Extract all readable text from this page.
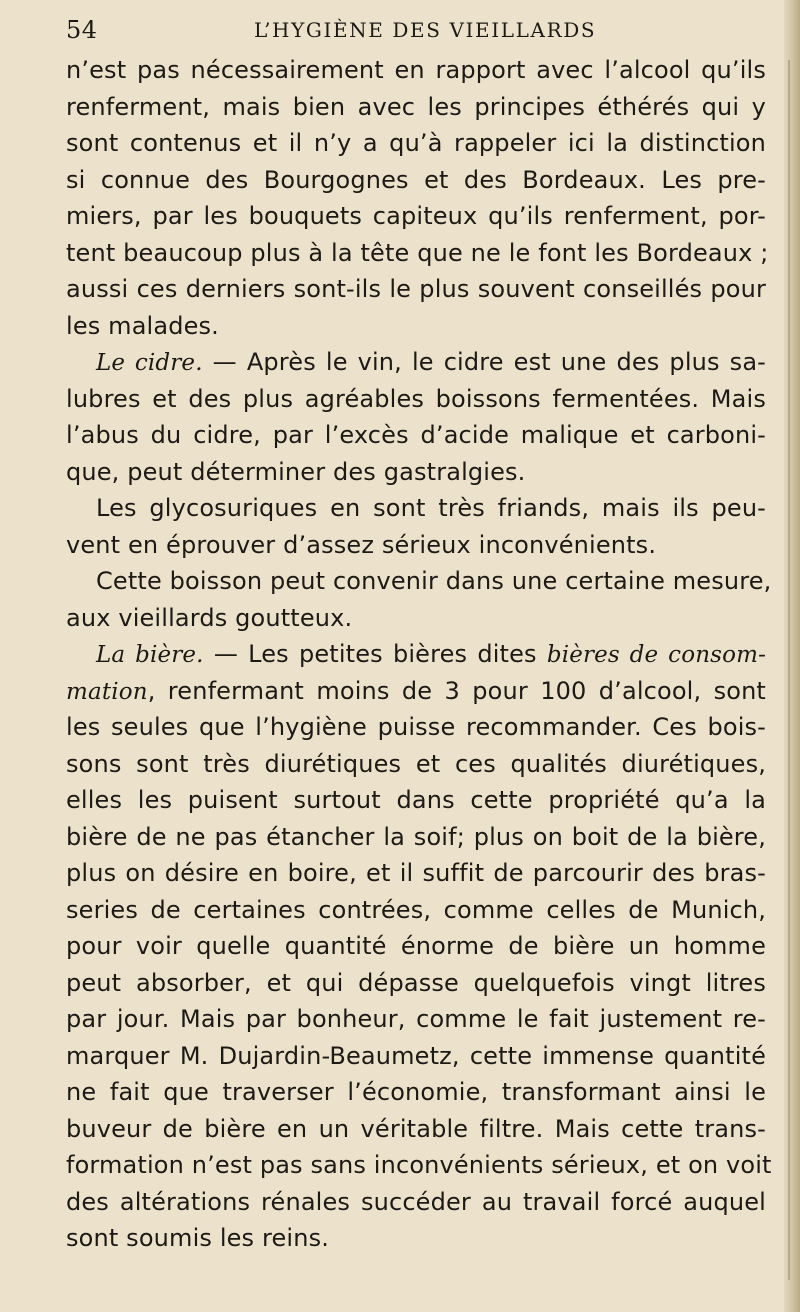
54	L’HYGIÈNE DES VIEILLARDS
n’est pas nécessairement en rapport avec l’alcool qu’ils
renferment, mais bien avec les principes éthérés qui y
sont contenus et il n’y a qu’à rappeler ici la distinction
si connue des Bourgognes et des Bordeaux. Les pre-
miers, par les bouquets capiteux qu’ils renferment, por-
tent beaucoup plus à la tête que ne le font les Bordeaux ;
aussi ces derniers sont-ils le plus souvent conseillés pour
les malades.
Le cidre. — Après le vin, le cidre est une des plus sa-
lubres et des plus agréables boissons fermentées. Mais
l’abus du cidre, par l’excès d’acide malique et carboni-
que, peut déterminer des gastralgies.
Les glycosuriques en sont très friands, mais ils peu-
vent en éprouver d’assez sérieux inconvénients.
Cette boisson peut convenir dans une certaine mesure,
aux vieillards goutteux.
La bière. — Les petites bières dites bières de consom-
mation, renfermant moins de 3 pour 100 d’alcool, sont
les seules que l’hygiène puisse recommander. Ces bois-
sons sont très diurétiques et ces qualités diurétiques,
elles les puisent surtout dans cette propriété qu’a la
bière de ne pas étancher la soif; plus on boit de la bière,
plus on désire en boire, et il suffit de parcourir des bras-
series de certaines contrées, comme celles de Munich,
pour voir quelle quantité énorme de bière un homme
peut absorber, et qui dépasse quelquefois vingt litres
par jour. Mais par bonheur, comme le fait justement re-
marquer M. Dujardin-Beaumetz, cette immense quantité
ne fait que traverser l’économie, transformant ainsi le
buveur de bière en un véritable filtre. Mais cette trans-
formation n’est pas sans inconvénients sérieux, et on voit
des altérations rénales succéder au travail forcé auquel
sont soumis les reins.
